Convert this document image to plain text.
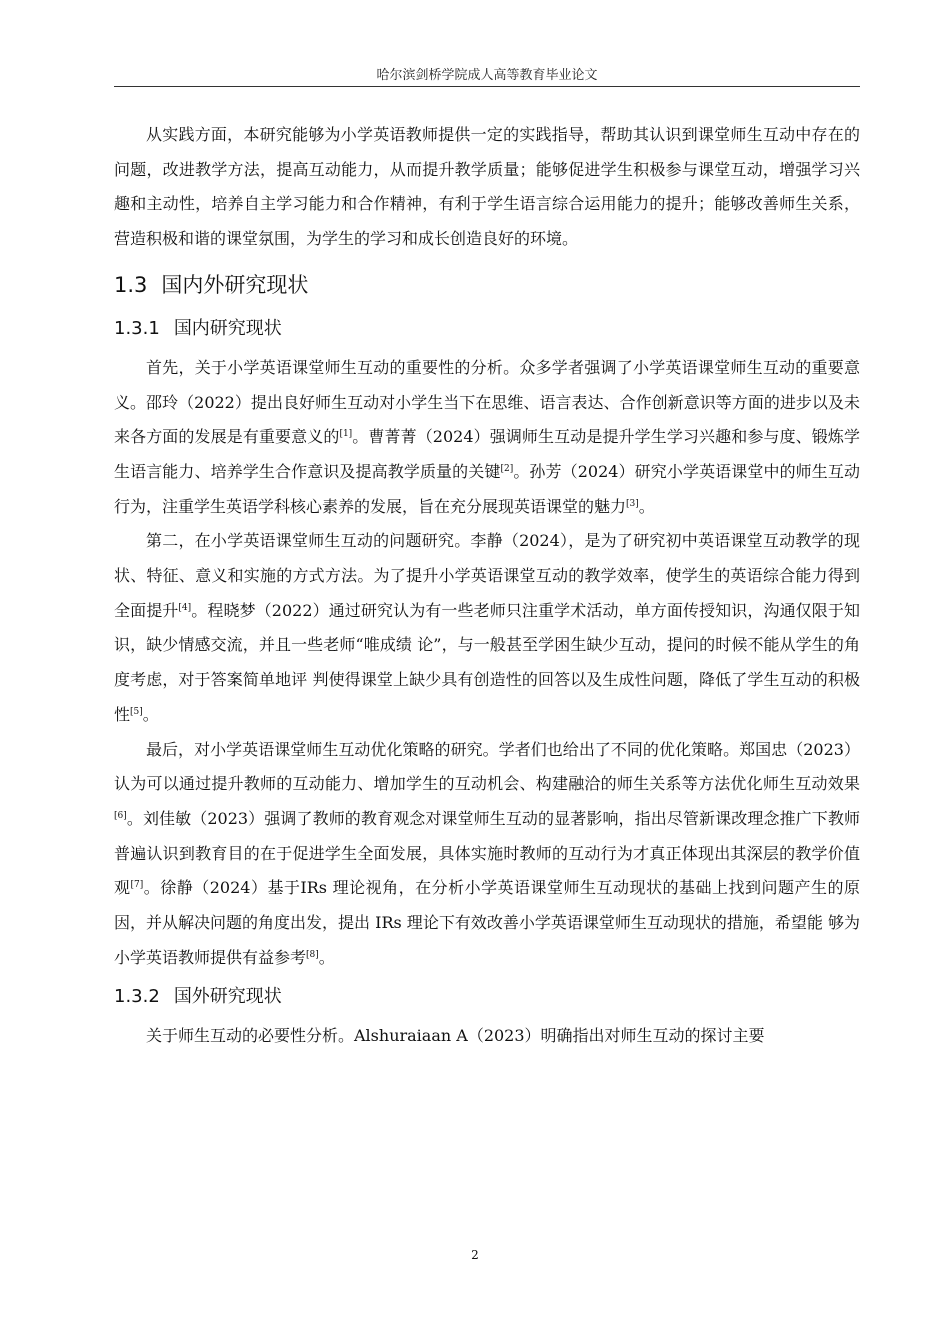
哈尔滨剑桥学院成人高等教育毕业论文

从实践方面，本研究能够为小学英语教师提供一定的实践指导，帮助其认识到课堂师生互动中存在的问题，改进教学方法，提高互动能力，从而提升教学质量；能够促进学生积极参与课堂互动，增强学习兴趣和主动性，培养自主学习能力和合作精神，有利于学生语言综合运用能力的提升；能够改善师生关系，营造积极和谐的课堂氛围，为学生的学习和成长创造良好的环境。

1.3 国内外研究现状
1.3.1 国内研究现状

首先，关于小学英语课堂师生互动的重要性的分析。众多学者强调了小学英语课堂师生互动的重要意义。邵玲（2022）提出良好师生互动对小学生当下在思维、语言表达、合作创新意识等方面的进步以及未来各方面的发展是有重要意义的[1]。曹菁菁（2024）强调师生互动是提升学生学习兴趣和参与度、锻炼学生语言能力、培养学生合作意识及提高教学质量的关键[2]。孙芳（2024）研究小学英语课堂中的师生互动行为，注重学生英语学科核心素养的发展，旨在充分展现英语课堂的魅力[3]。

第二，在小学英语课堂师生互动的问题研究。李静（2024），是为了研究初中英语课堂互动教学的现状、特征、意义和实施的方式方法。为了提升小学英语课堂互动的教学效率，使学生的英语综合能力得到全面提升[4]。程晓梦（2022）通过研究认为有一些老师只注重学术活动，单方面传授知识，沟通仅限于知识，缺少情感交流，并且一些老师“唯成绩 论”，与一般甚至学困生缺少互动，提问的时候不能从学生的角度考虑，对于答案简单地评 判使得课堂上缺少具有创造性的回答以及生成性问题，降低了学生互动的积极性[5]。

最后，对小学英语课堂师生互动优化策略的研究。学者们也给出了不同的优化策略。郑国忠（2023）认为可以通过提升教师的互动能力、增加学生的互动机会、构建融洽的师生关系等方法优化师生互动效果[6]。刘佳敏（2023）强调了教师的教育观念对课堂师生互动的显著影响，指出尽管新课改理念推广下教师普遍认识到教育目的在于促进学生全面发展，具体实施时教师的互动行为才真正体现出其深层的教学价值观[7]。徐静（2024）基于IRs 理论视角，在分析小学英语课堂师生互动现状的基础上找到问题产生的原因，并从解决问题的角度出发，提出 IRs 理论下有效改善小学英语课堂师生互动现状的措施，希望能 够为小学英语教师提供有益参考[8]。

1.3.2 国外研究现状

关于师生互动的必要性分析。Alshuraiaan A（2023）明确指出对师生互动的探讨主要

2
